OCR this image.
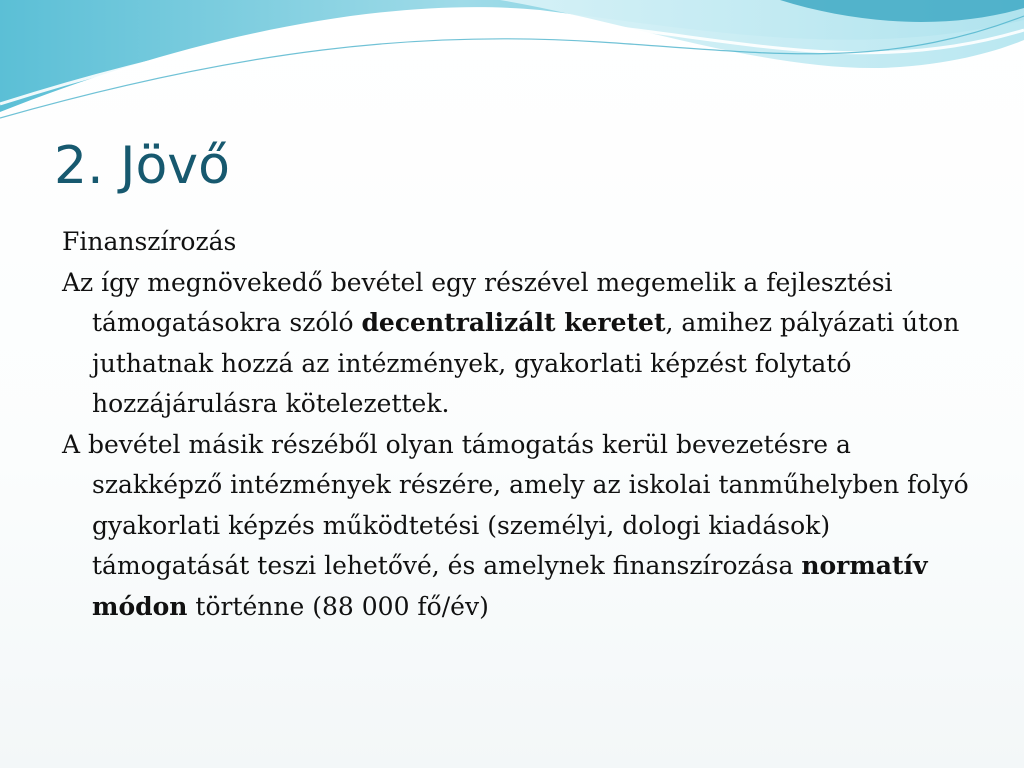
2. Jövő

Finanszírozás

Az így megnövekedő bevétel egy részével megemelik a fejlesztési támogatásokra szóló decentralizált keretet, amihez pályázati úton juthatnak hozzá az intézmények, gyakorlati képzést folytató hozzájárulásra kötelezettek.

A bevétel másik részéből olyan támogatás kerül bevezetésre a szakképző intézmények részére, amely az iskolai tanműhelyben folyó gyakorlati képzés működtetési (személyi, dologi kiadások) támogatását teszi lehetővé, és amelynek finanszírozása normatív módon történne (88 000 fő/év)
